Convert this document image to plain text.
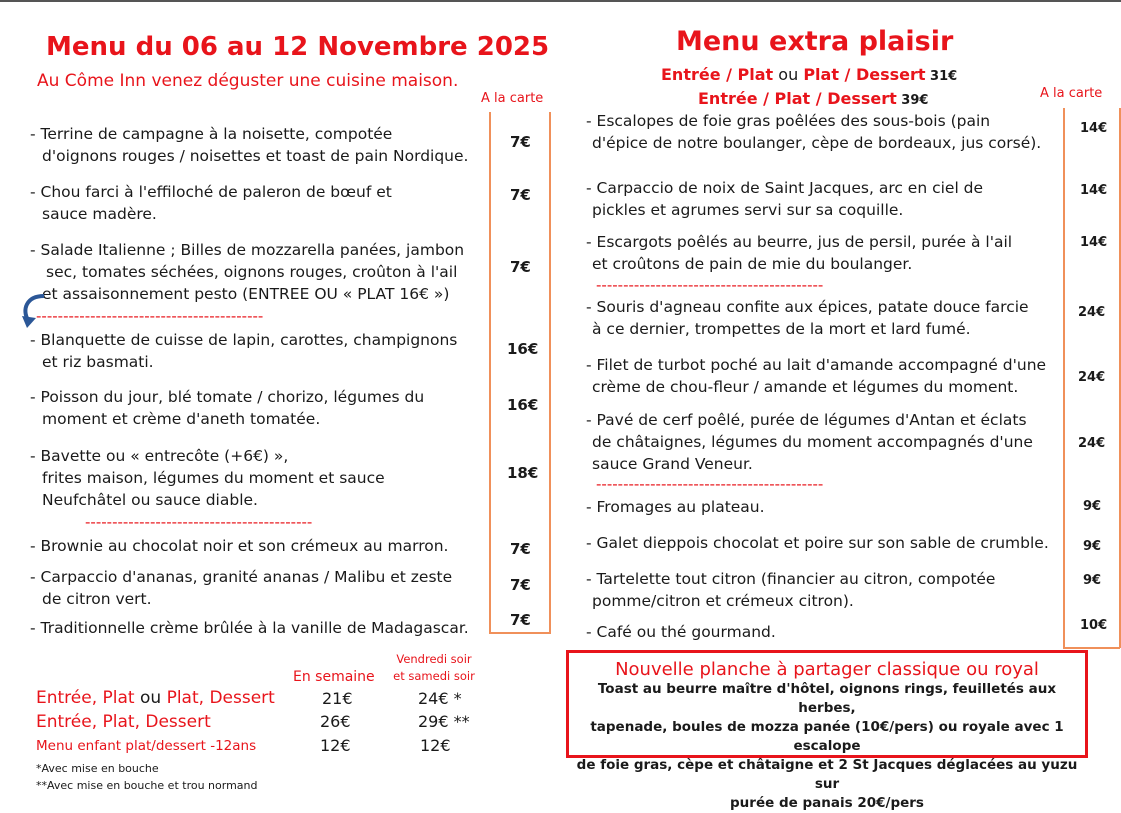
Menu du 06 au 12 Novembre 2025
Au Côme Inn venez déguster une cuisine maison.
A la carte
- Terrine de campagne à la noisette, compotée
d'oignons rouges / noisettes et toast de pain Nordique.
7€
- Chou farci à l'effiloché de paleron de bœuf et
sauce madère.
7€
- Salade Italienne ; Billes de mozzarella panées, jambon
sec, tomates séchées, oignons rouges, croûton à l'ail
et assaisonnement pesto (ENTREE OU « PLAT 16€ »)
7€
------------------------------------------
- Blanquette de cuisse de lapin, carottes, champignons
et riz basmati.
16€
- Poisson du jour, blé tomate / chorizo, légumes du
moment et crème d'aneth tomatée.
16€
- Bavette ou « entrecôte (+6€) »,
frites maison, légumes du moment et sauce
Neufchâtel ou sauce diable.
18€
------------------------------------------
- Brownie au chocolat noir et son crémeux au marron.	7€
- Carpaccio d'ananas, granité ananas / Malibu et zeste
de citron vert.
7€
- Traditionnelle crème brûlée à la vanille de Madagascar.	7€
Menu extra plaisir
Entrée / Plat ou Plat / Dessert 31€
Entrée / Plat / Dessert 39€	A la carte
- Escalopes de foie gras poêlées des sous-bois (pain
d'épice de notre boulanger, cèpe de bordeaux, jus corsé).
14€
- Carpaccio de noix de Saint Jacques, arc en ciel de
pickles et agrumes servi sur sa coquille.
14€
- Escargots poêlés au beurre, jus de persil, purée à l'ail
et croûtons de pain de mie du boulanger.
14€
------------------------------------------
- Souris d'agneau confite aux épices, patate douce farcie
à ce dernier, trompettes de la mort et lard fumé.
24€
- Filet de turbot poché au lait d'amande accompagné d'une
crème de chou-fleur / amande et légumes du moment.
24€
- Pavé de cerf poêlé, purée de légumes d'Antan et éclats
de châtaignes, légumes du moment accompagnés d'une
sauce Grand Veneur.
24€
------------------------------------------
- Fromages au plateau.	9€
- Galet dieppois chocolat et poire sur son sable de crumble.	9€
- Tartelette tout citron (financier au citron, compotée
pomme/citron et crémeux citron).
9€
- Café ou thé gourmand.	10€
En semaine
Vendredi soir
et samedi soir
Entrée, Plat ou Plat, Dessert	21€	24€ *
Entrée, Plat, Dessert	26€	29€ **
Menu enfant plat/dessert -12ans	12€	12€
*Avec mise en bouche
**Avec mise en bouche et trou normand
Nouvelle planche à partager classique ou royal
Toast au beurre maître d'hôtel, oignons rings, feuilletés aux herbes,
tapenade, boules de mozza panée (10€/pers) ou royale avec 1 escalope
de foie gras, cèpe et châtaigne et 2 St Jacques déglacées au yuzu sur
purée de panais 20€/pers
